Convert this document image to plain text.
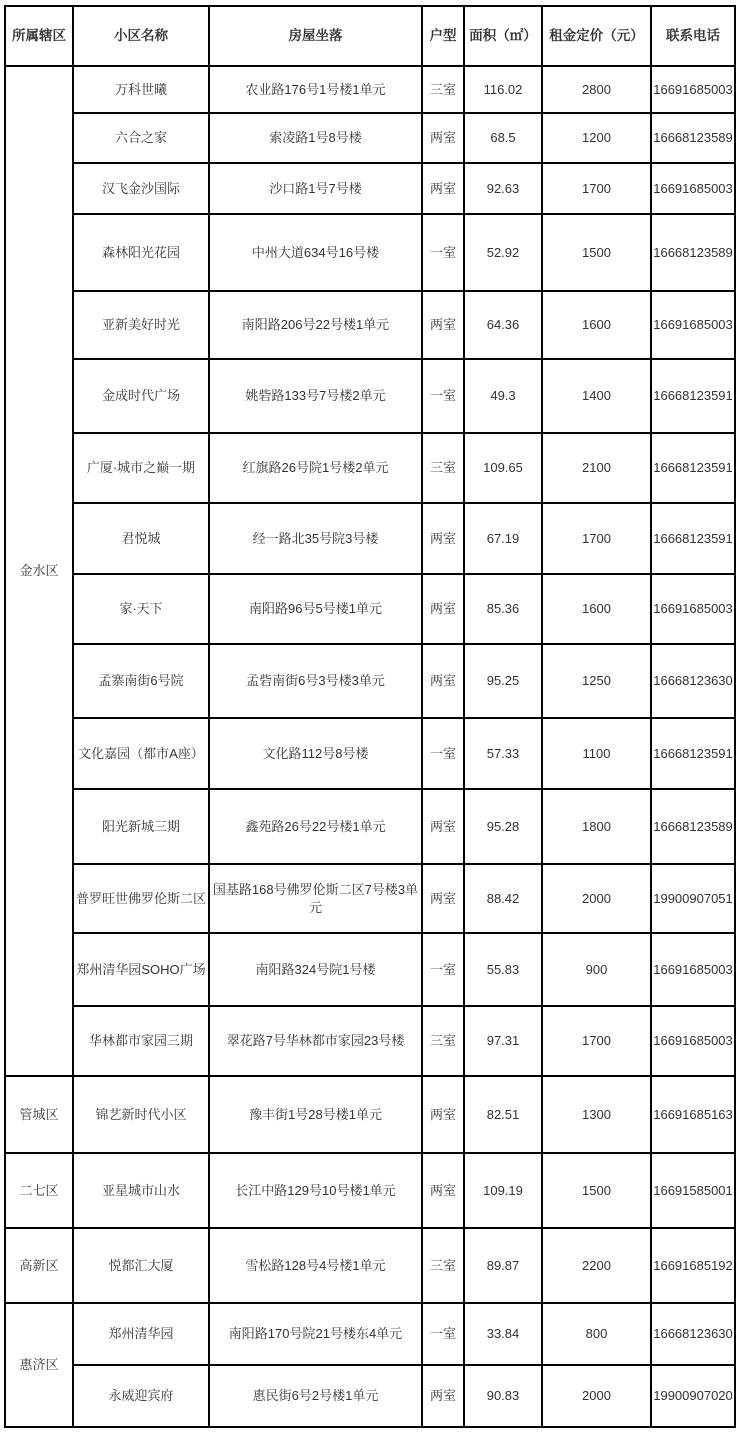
所属辖区	小区名称	房屋坐落	户型	面积（㎡）	租金定价（元）	联系电话
金水区	万科世曦	农业路176号1号楼1单元	三室	116.02	2800	16691685003
	六合之家	索凌路1号8号楼	两室	68.5	1200	16668123589
	汉飞金沙国际	沙口路1号7号楼	两室	92.63	1700	16691685003
	森林阳光花园	中州大道634号16号楼	一室	52.92	1500	16668123589
	亚新美好时光	南阳路206号22号楼1单元	两室	64.36	1600	16691685003
	金成时代广场	姚砦路133号7号楼2单元	一室	49.3	1400	16668123591
	广厦·城市之巅一期	红旗路26号院1号楼2单元	三室	109.65	2100	16668123591
	君悦城	经一路北35号院3号楼	两室	67.19	1700	16668123591
	家·天下	南阳路96号5号楼1单元	两室	85.36	1600	16691685003
	孟寨南街6号院	孟砦南街6号3号楼3单元	两室	95.25	1250	16668123630
	文化嘉园（都市A座）	文化路112号8号楼	一室	57.33	1100	16668123591
	阳光新城三期	鑫苑路26号22号楼1单元	两室	95.28	1800	16668123589
	普罗旺世佛罗伦斯二区	国基路168号佛罗伦斯二区7号楼3单元	两室	88.42	2000	19900907051
	郑州清华园SOHO广场	南阳路324号院1号楼	一室	55.83	900	16691685003
	华林都市家园三期	翠花路7号华林都市家园23号楼	三室	97.31	1700	16691685003
管城区	锦艺新时代小区	豫丰街1号28号楼1单元	两室	82.51	1300	16691685163
二七区	亚星城市山水	长江中路129号10号楼1单元	两室	109.19	1500	16691585001
高新区	悦都汇大厦	雪松路128号4号楼1单元	三室	89.87	2200	16691685192
惠济区	郑州清华园	南阳路170号院21号楼东4单元	一室	33.84	800	16668123630
	永威迎宾府	惠民街6号2号楼1单元	两室	90.83	2000	19900907020
